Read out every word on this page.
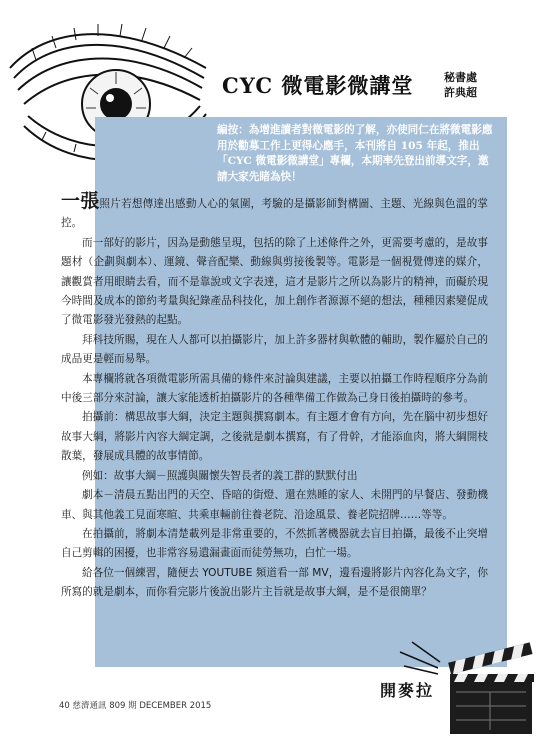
CYC 微電影微講堂	秘書處
許典超
編按：為增進讀者對微電影的了解，亦使同仁在將微電影應用於勸募工作上更得心應手，本刊將自 105 年起，推出「CYC 微電影微講堂」專欄，本期率先登出前導文字，邀請大家先睹為快！

一張照片若想傳達出感動人心的氣圍，考驗的是攝影師對構圖、主題、光線與色溫的掌控。

而一部好的影片，因為是動態呈現，包括的除了上述條件之外，更需要考慮的，是故事題材（企劃與劇本）、運鏡、聲音配樂、動線與剪接後製等。電影是一個視覺傳達的媒介，讓觀賞者用眼睛去看，而不是靠說或文字表達，這才是影片之所以為影片的精神，而礙於現今時間及成本的節約考量與紀錄產品科技化，加上創作者源源不絕的想法，種種因素變促成了微電影發光發熱的起點。

拜科技所賜，現在人人都可以拍攝影片，加上許多器材與軟體的輔助，製作屬於自己的成品更是輕而易舉。

本專欄將就各項微電影所需具備的條件來討論與建議，主要以拍攝工作時程順序分為前中後三部分來討論，讓大家能透析拍攝影片的各種準備工作做為己身日後拍攝時的參考。

拍攝前：構思故事大綱，決定主題與撰寫劇本。有主題才會有方向，先在腦中初步想好故事大綱，將影片內容大綱定調，之後就是劇本撰寫，有了骨幹，才能添血肉，將大綱開枝散葉，發展成具體的故事情節。

例如：故事大綱－照護與關懷失智長者的義工群的默默付出

劇本－清晨五點出門的天空、昏暗的街燈、還在熟睡的家人、未開門的早餐店、發動機車、與其他義工見面寒暄、共乘車輛前往養老院、沿途風景、養老院招牌……等等。

在拍攝前，將劇本清楚載列是非常重要的，不然抓著機器就去盲目拍攝，最後不止突增自己剪輯的困擾，也非常容易遺漏畫面而徒勞無功，白忙一場。

給各位一個練習，隨便去 YOUTUBE 頻道看一部 MV，邊看邊將影片內容化為文字，你所寫的就是劇本，而你看完影片後說出影片主旨就是故事大綱，是不是很簡單？

40 慈濟通訊 809 期 DECEMBER 2015
開麥拉
